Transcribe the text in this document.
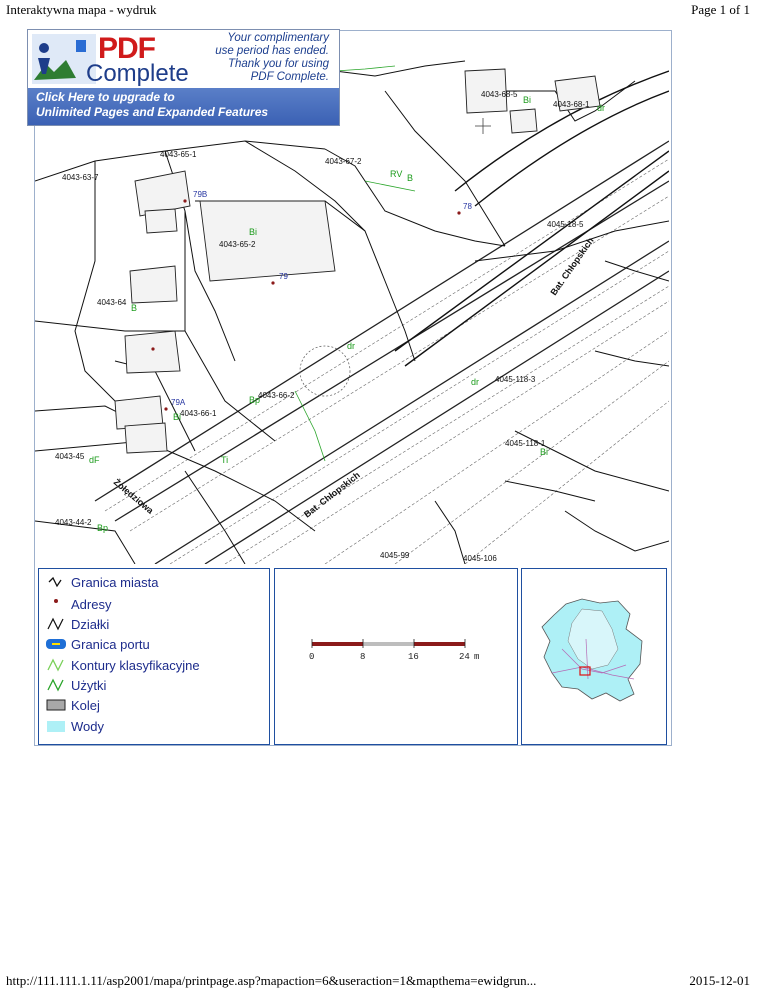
Interaktywna mapa - wydruk	Page 1 of 1
4043-68-5
4043-68-1
4043-65-1
4043-67-2
4043-63-7
4045-18-5
4043-65-2
4043-64
4045-118-3
4043-66-2
4043-66-1
4045-118-1
4043-45
4043-44-2
4045-99	4045-106
Bi
dr
B
RV
Bp
Bi
B
dr
dr
Bi
Bi
dF	Ti
Bp
79B
78
79
79A
Bat. Chłopskich
Bat. Chłopskich
Żołędziowa
Granica miasta
Adresy
Działki
Granica portu
Kontury klasyfikacyjne
Użytki
Kolej
Wody
0	8	16	24 m
PDF
Complete
Your complimentary
use period has ended.
Thank you for using
PDF Complete.
Click Here to upgrade to
Unlimited Pages and Expanded Features
http://111.111.1.11/asp2001/mapa/printpage.asp?mapaction=6&useraction=1&mapthema=ewidgrun...	2015-12-01
